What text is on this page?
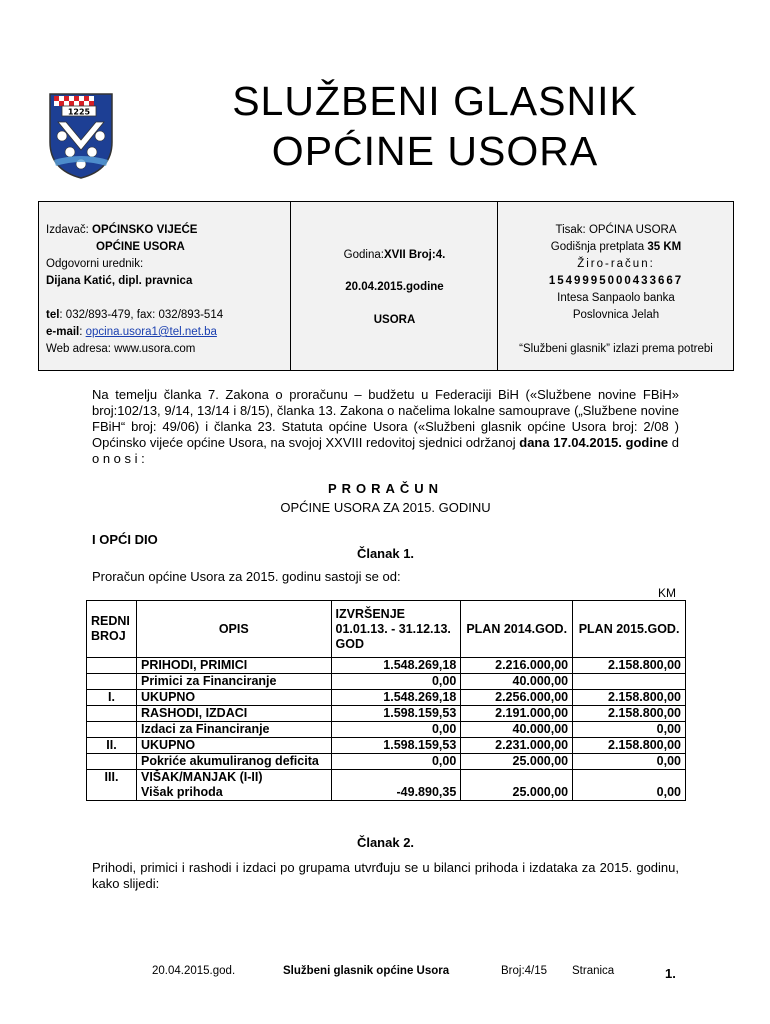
1225	SLUŽBENI GLASNIK
OPĆINE USORA
Izdavač: OPĆINSKO VIJEĆE
OPĆINE USORA
Odgovorni urednik:
Dijana Katić, dipl. pravnica
tel: 032/893-479, fax: 032/893-514
e-mail: opcina.usora1@tel.net.ba
Web adresa: www.usora.com
Godina:XVII Broj:4.
20.04.2015.godine
USORA
Tisak: OPĆINA USORA
Godišnja pretplata 35 KM
Žiro-račun:
1549995000433667
Intesa Sanpaolo banka
Poslovnica Jelah
“Službeni glasnik” izlazi prema potrebi
Na temelju članka 7. Zakona o proračunu – budžetu u Federaciji BiH («Službene novine FBiH» broj:102/13, 9/14, 13/14 i 8/15), članka 13. Zakona o načelima lokalne samouprave („Službene novine FBiH“ broj: 49/06) i članka 23. Statuta općine Usora («Službeni glasnik općine Usora broj: 2/08 ) Općinsko vijeće općine Usora, na svojoj XXVIII redovitoj sjednici održanoj dana 17.04.2015. godine d o n o s i :
PRORAČUN
OPĆINE USORA ZA 2015. GODINU
I OPĆI DIO
Članak 1.
Proračun općine Usora za 2015. godinu sastoji se od:
KM
REDNI BROJ	OPIS	IZVRŠENJE 01.01.13. - 31.12.13. GOD	PLAN 2014.GOD.	PLAN 2015.GOD.
	PRIHODI, PRIMICI	1.548.269,18	2.216.000,00	2.158.800,00
	Primici za Financiranje	0,00	40.000,00	
I.	UKUPNO	1.548.269,18	2.256.000,00	2.158.800,00
	RASHODI, IZDACI	1.598.159,53	2.191.000,00	2.158.800,00
	Izdaci za Financiranje	0,00	40.000,00	0,00
II.	UKUPNO	1.598.159,53	2.231.000,00	2.158.800,00
	Pokriće akumuliranog deficita	0,00	25.000,00	0,00
III.	VIŠAK/MANJAK (I-II)
Višak prihoda	-49.890,35	25.000,00	0,00
Članak 2.
Prihodi, primici i rashodi i izdaci po grupama utvrđuju se u bilanci prihoda i izdataka za 2015. godinu, kako slijedi:
20.04.2015.god.	Službeni glasnik općine Usora	Broj:4/15 Stranica	1.
